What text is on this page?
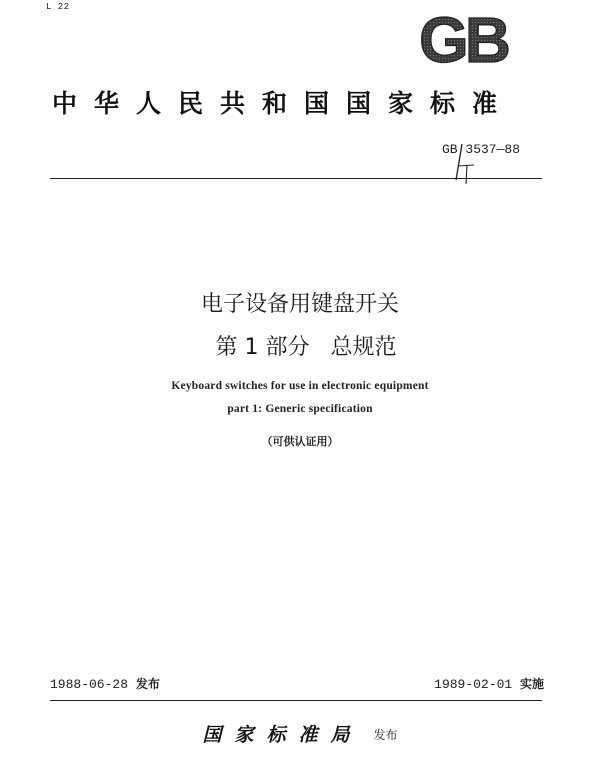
L 22	GB
中华人民共和国国家标准
GB 3537—88
电子设备用键盘开关
第 1 部分   总规范
Keyboard switches for use in electronic equipment
part 1: Generic specification
（可供认证用）
1988-06-28 发布	1989-02-01 实施
国家标准局 发布
